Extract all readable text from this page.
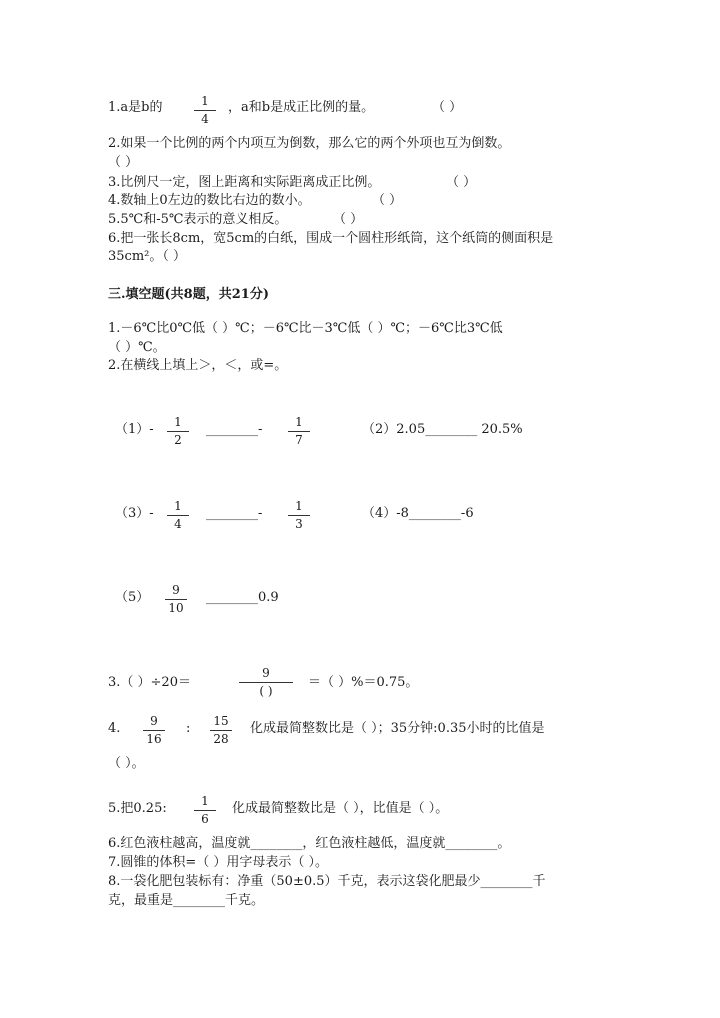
1.a是b的	1
4
，a和b是成正比例的量。	（ ）
2.如果一个比例的两个内项互为倒数，那么它的两个外项也互为倒数。
（ ）
3.比例尺一定，图上距离和实际距离成正比例。	（ ）
4.数轴上0左边的数比右边的数小。	（ ）
5.5℃和-5℃表示的意义相反。	（ ）
6.把一张长8cm，宽5cm的白纸，围成一个圆柱形纸筒，这个纸筒的侧面积是
35cm²。（ ）
三.填空题(共8题，共21分)
1.－6℃比0℃低（ ）℃；－6℃比－3℃低（ ）℃；－6℃比3℃低
（ ）℃。
2.在横线上填上＞，＜，或=。
（1）-	1
2
________-	1
7
（2）2.05________ 20.5%
（3）-	1
4
________-	1
3
（4）-8________-6
（5）	9
10
________0.9
3.（ ）÷20＝
9
( )
＝（ ）%＝0.75。
4.	9
16
:	15
28
化成最简整数比是（ ）；35分钟:0.35小时的比值是
（ ）。
5.把0.25:	1
6
化成最简整数比是（ ），比值是（ ）。
6.红色液柱越高，温度就________，红色液柱越低，温度就________。
7.圆锥的体积=（ ）用字母表示（ ）。
8.一袋化肥包装标有：净重（50±0.5）千克，表示这袋化肥最少________千
克，最重是________千克。
